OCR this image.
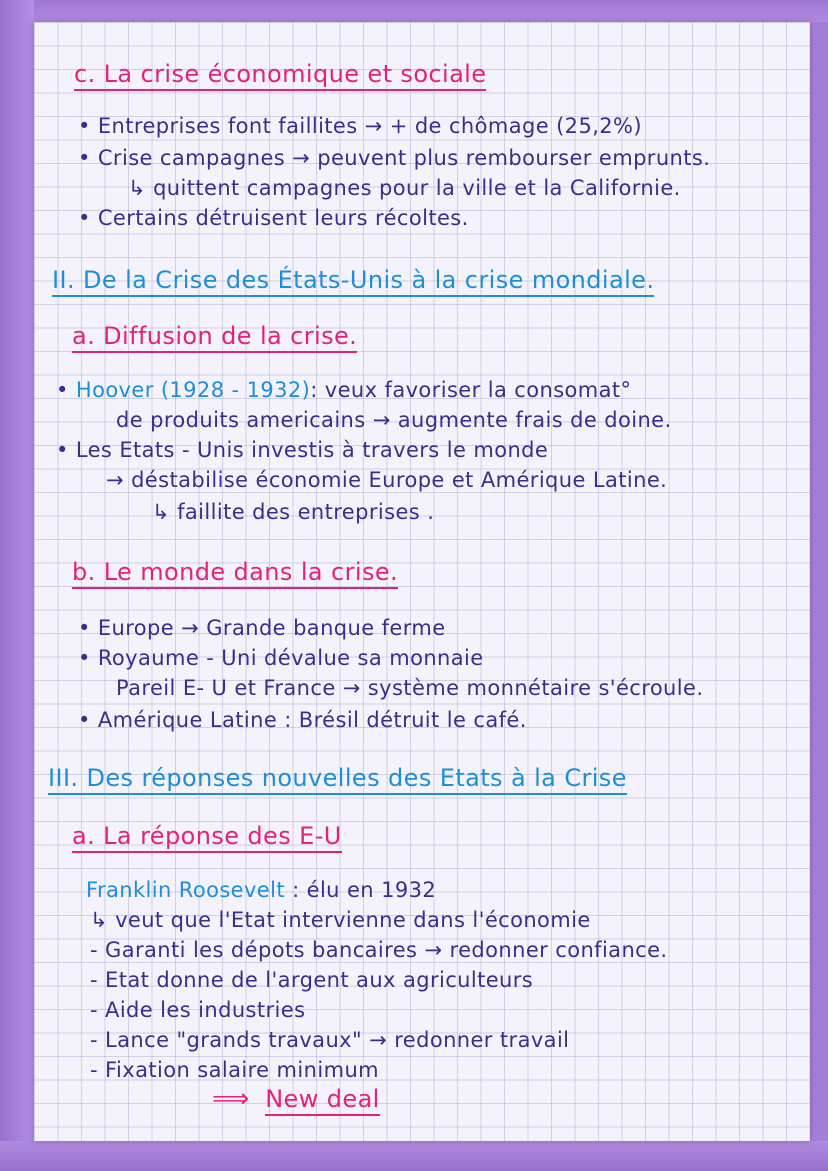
c. La crise économique et sociale
• Entreprises font faillites → + de chômage (25,2%)
• Crise campagnes → peuvent plus rembourser emprunts.
↳ quittent campagnes pour la ville et la Californie.
• Certains détruisent leurs récoltes.
II. De la Crise des États-Unis à la crise mondiale.
a. Diffusion de la crise.
• Hoover (1928 - 1932): veux favoriser la consomat°
de produits americains → augmente frais de doine.
• Les Etats - Unis investis à travers le monde
→ déstabilise économie Europe et Amérique Latine.
↳ faillite des entreprises .
b. Le monde dans la crise.
• Europe → Grande banque ferme
• Royaume - Uni dévalue sa monnaie
Pareil E- U et France → système monnétaire s'écroule.
• Amérique Latine : Brésil détruit le café.
III. Des réponses nouvelles des Etats à la Crise
a. La réponse des E-U
Franklin Roosevelt : élu en 1932
↳ veut que l'Etat intervienne dans l'économie
- Garanti les dépots bancaires → redonner confiance.
- Etat donne de l'argent aux agriculteurs
- Aide les industries
- Lance "grands travaux" → redonner travail
- Fixation salaire minimum
⟹ New deal
